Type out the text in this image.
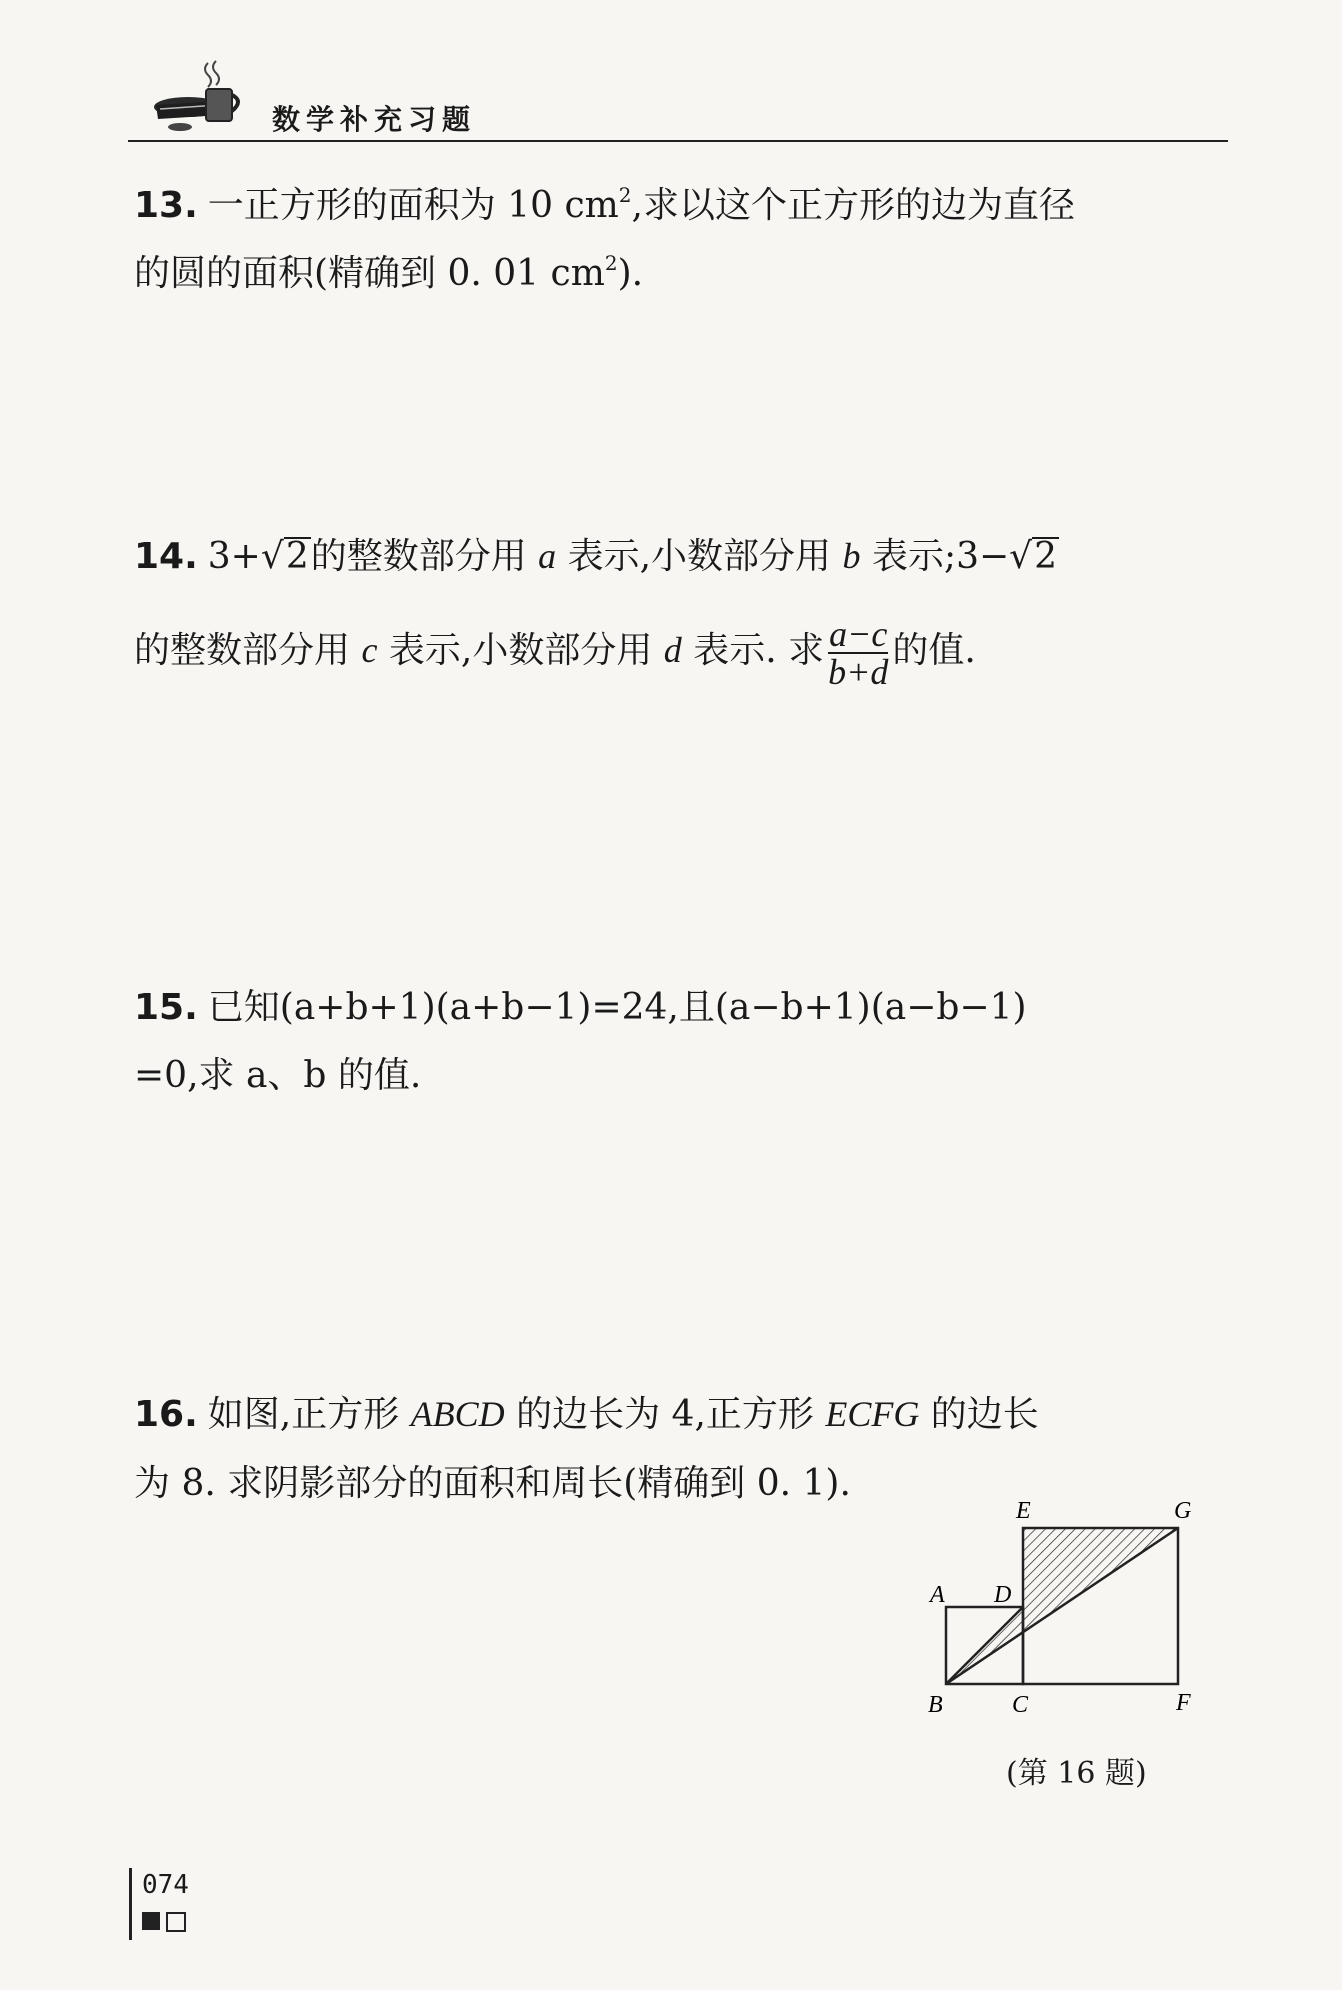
数学补充习题
13. 一正方形的面积为 10 $cm^2$,求以这个正方形的边为直径
的圆的面积(精确到 0. 01 $cm^2$).
14. 3+√2的整数部分用 a 表示,小数部分用 b 表示;3−√2
的整数部分用 c 表示,小数部分用 d 表示. 求 $\frac{a-c}{b+d}$ 的值.
15. 已知(a+b+1)(a+b−1)=24,且(a−b+1)(a−b−1)
=0,求 a、b 的值.
16. 如图,正方形 ABCD 的边长为 4,正方形 ECFG 的边长
为 8. 求阴影部分的面积和周长(精确到 0. 1).
A D
E	G
B	C	F
(第 16 题)
074
